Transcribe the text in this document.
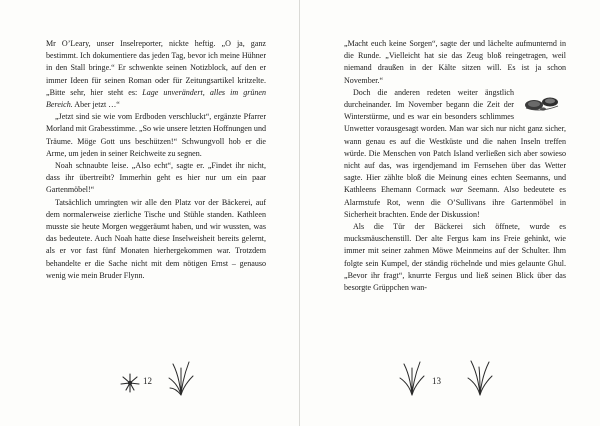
Mr O’Leary, unser Inselreporter, nickte heftig. „O ja, ganz bestimmt. Ich dokumentiere das jeden Tag, bevor ich meine Hühner in den Stall bringe.“ Er schwenkte seinen Notizblock, auf den er immer Ideen für seinen Roman oder für Zeitungsartikel kritzelte. „Bitte sehr, hier steht es: Lage unverändert, alles im grünen Bereich. Aber jetzt …“

„Jetzt sind sie wie vom Erdboden verschluckt“, ergänzte Pfarrer Morland mit Grabesstimme. „So wie unsere letzten Hoffnungen und Träume. Möge Gott uns beschützen!“ Schwungvoll hob er die Arme, um jeden in seiner Reichweite zu segnen.

Noah schnaubte leise. „Also echt“, sagte er. „Findet ihr nicht, dass ihr übertreibt? Immerhin geht es hier nur um ein paar Gartenmöbel!“

Tatsächlich umringten wir alle den Platz vor der Bäckerei, auf dem normalerweise zierliche Tische und Stühle standen. Kathleen musste sie heute Morgen weggeräumt haben, und wir wussten, was das bedeutete. Auch Noah hatte diese Inselweisheit bereits gelernt, als er vor fast fünf Monaten hierhergekommen war. Trotzdem behandelte er die Sache nicht mit dem nötigen Ernst – genauso wenig wie mein Bruder Flynn.

12

„Macht euch keine Sorgen“, sagte der und lächelte aufmunternd in die Runde. „Vielleicht hat sie das Zeug bloß reingetragen, weil niemand draußen in der Kälte sitzen will. Es ist ja schon November.“

Doch die anderen redeten weiter ängstlich durcheinander. Im November begann die Zeit der Winterstürme, und es war ein besonders schlimmes Unwetter vorausgesagt worden. Man war sich nur nicht ganz sicher, wann genau es auf die Westküste und die nahen Inseln treffen würde. Die Menschen von Patch Island verließen sich aber sowieso nicht auf das, was irgendjemand im Fernsehen über das Wetter sagte. Hier zählte bloß die Meinung eines echten Seemanns, und Kathleens Ehemann Cormack war Seemann. Also bedeutete es Alarmstufe Rot, wenn die O’Sullivans ihre Gartenmöbel in Sicherheit brachten. Ende der Diskussion!

Als die Tür der Bäckerei sich öffnete, wurde es mucksmäuschenstill. Der alte Fergus kam ins Freie gehinkt, wie immer mit seiner zahmen Möwe Meinmeins auf der Schulter. Ihm folgte sein Kumpel, der ständig röchelnde und mies gelaunte Ghul. „Bevor ihr fragt“, knurrte Fergus und ließ seinen Blick über das besorgte Grüppchen wan-

13
